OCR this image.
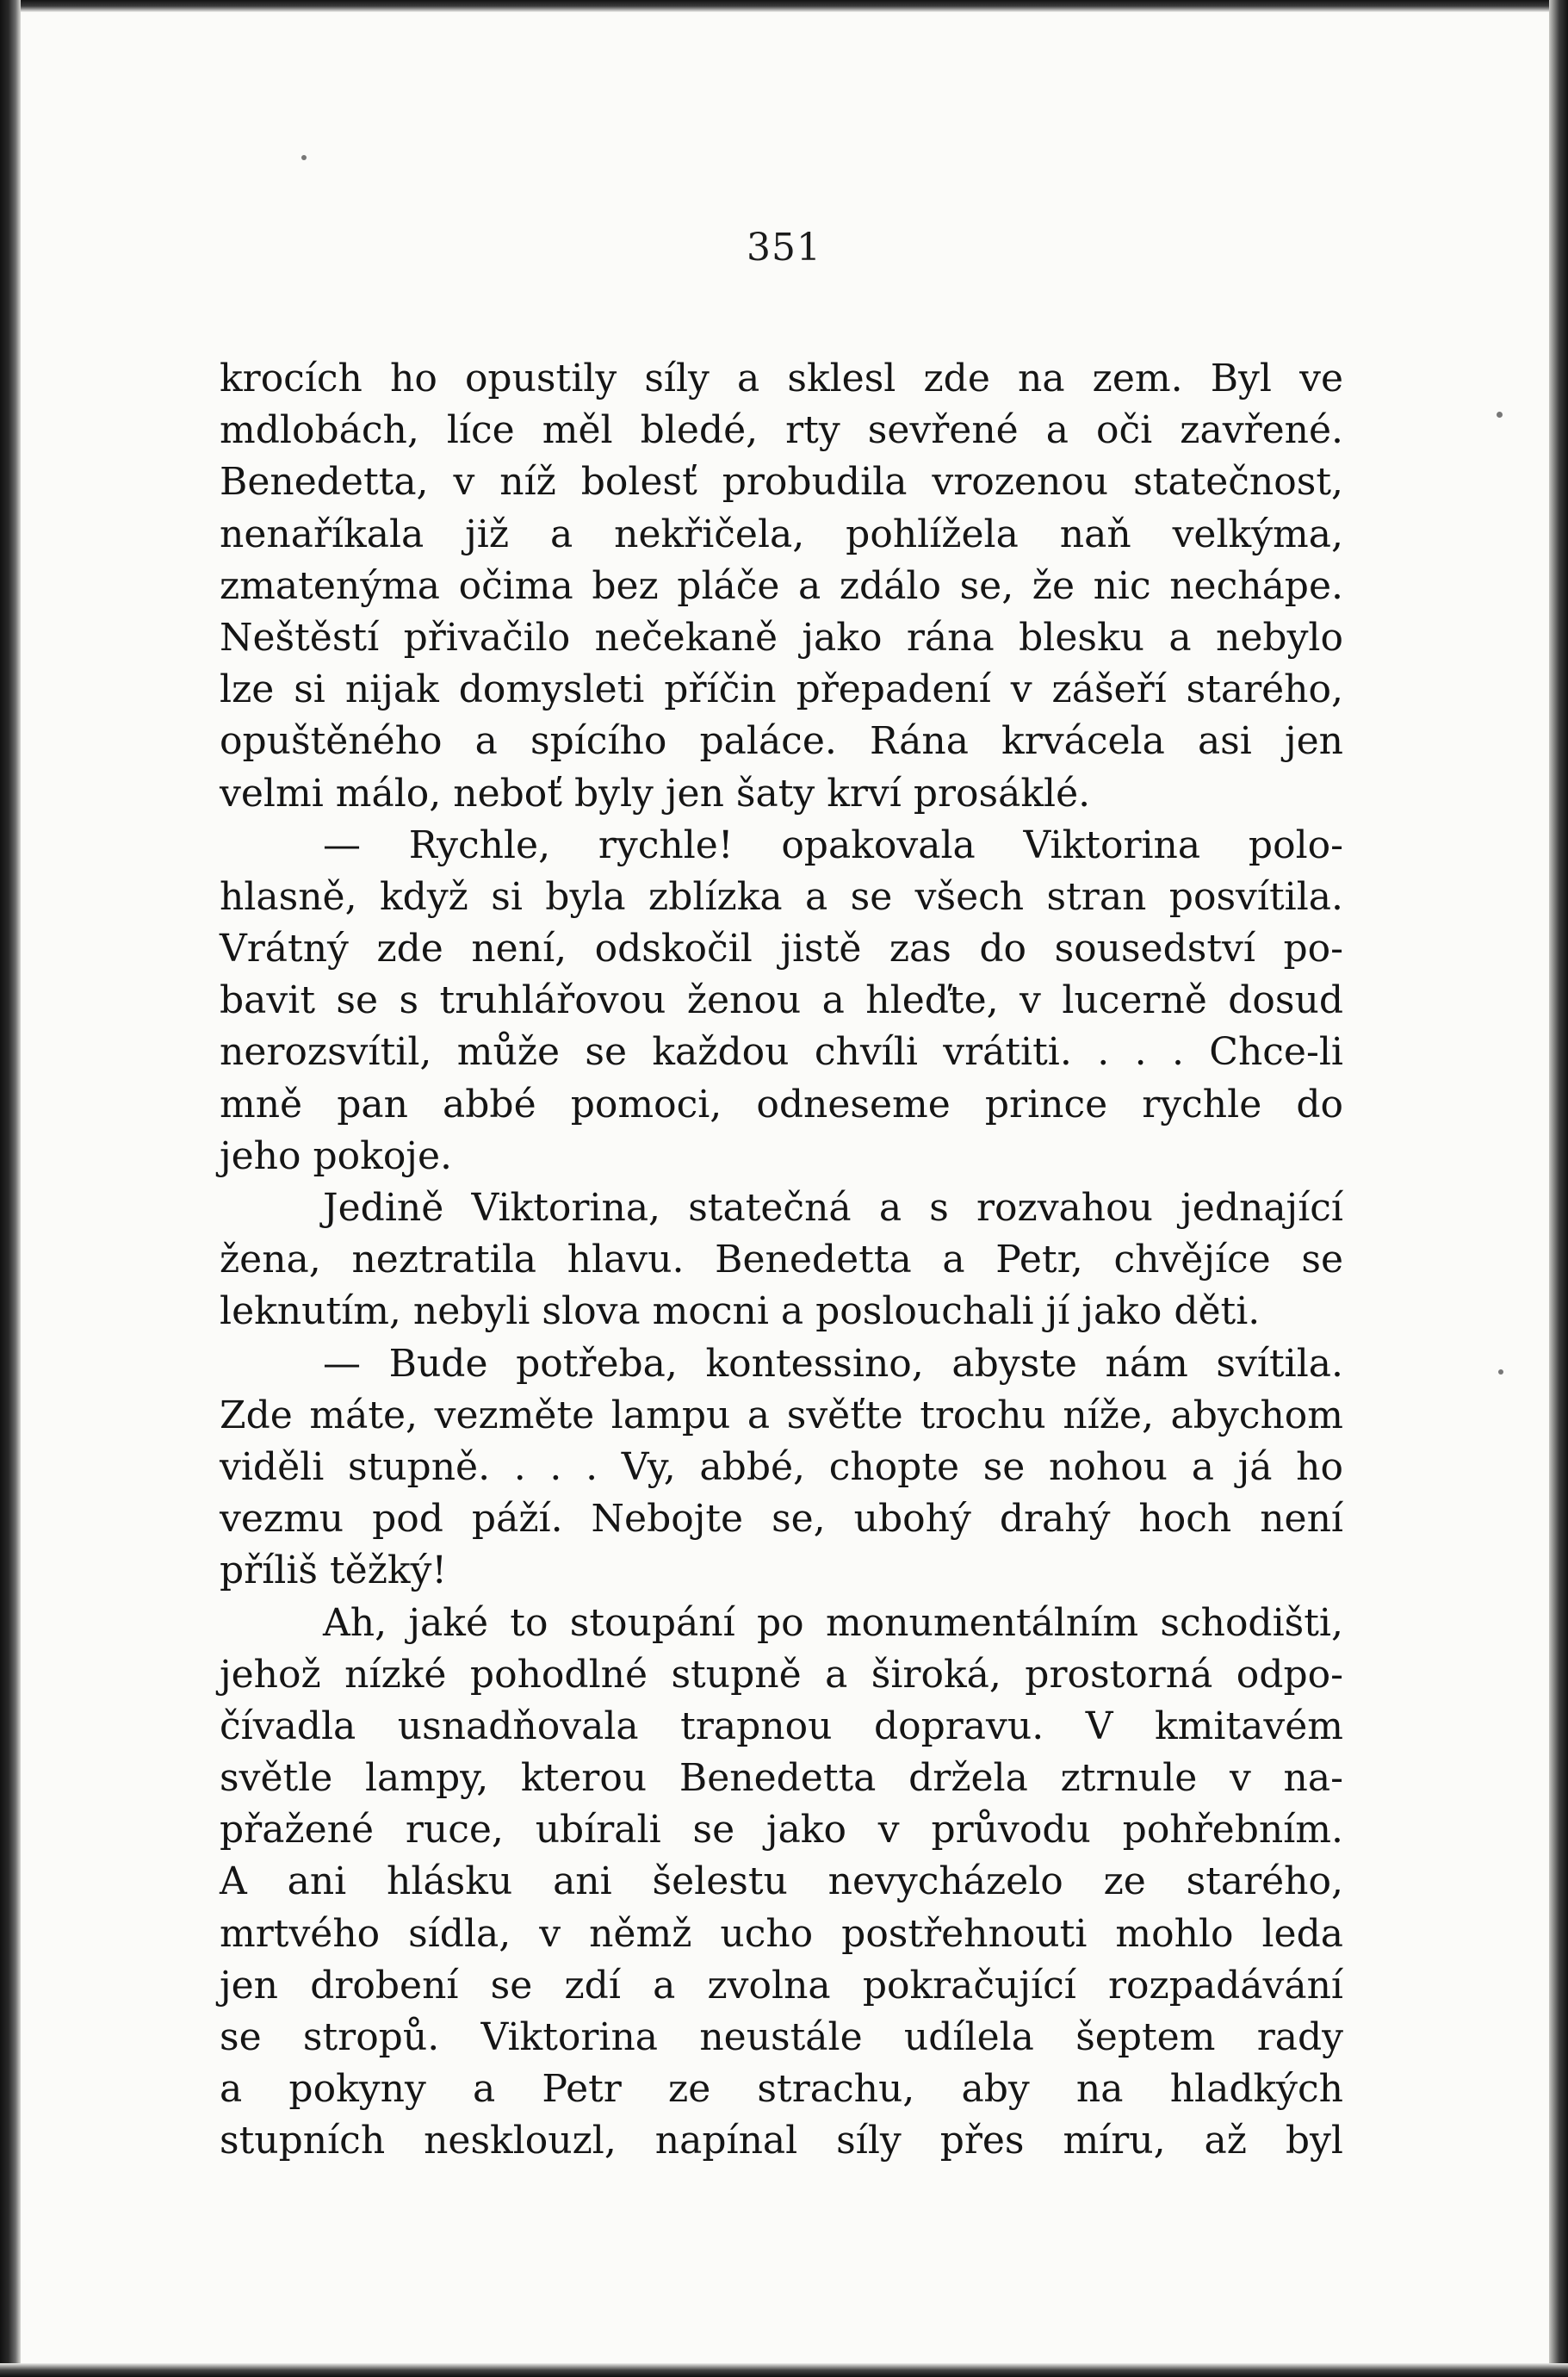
351
krocích ho opustily síly a sklesl zde na zem. Byl ve
mdlobách, líce měl bledé, rty sevřené a oči zavřené.
Benedetta, v níž bolesť probudila vrozenou statečnost,
nenaříkala již a nekřičela, pohlížela naň velkýma,
zmatenýma očima bez pláče a zdálo se, že nic nechápe.
Neštěstí přivačilo nečekaně jako rána blesku a nebylo
lze si nijak domysleti příčin přepadení v zášeří starého,
opuštěného a spícího paláce. Rána krvácela asi jen
velmi málo, neboť byly jen šaty krví prosáklé.
— Rychle, rychle! opakovala Viktorina polo-
hlasně, když si byla zblízka a se všech stran posvítila.
Vrátný zde není, odskočil jistě zas do sousedství po-
bavit se s truhlářovou ženou a hleďte, v lucerně dosud
nerozsvítil, může se každou chvíli vrátiti. . . . Chce-li
mně pan abbé pomoci, odneseme prince rychle do
jeho pokoje.
Jedině Viktorina, statečná a s rozvahou jednající
žena, neztratila hlavu. Benedetta a Petr, chvějíce se
leknutím, nebyli slova mocni a poslouchali jí jako děti.
— Bude potřeba, kontessino, abyste nám svítila.
Zde máte, vezměte lampu a svěťte trochu níže, abychom
viděli stupně. . . . Vy, abbé, chopte se nohou a já ho
vezmu pod páží. Nebojte se, ubohý drahý hoch není
příliš těžký!
Ah, jaké to stoupání po monumentálním schodišti,
jehož nízké pohodlné stupně a široká, prostorná odpo-
čívadla usnadňovala trapnou dopravu. V kmitavém
světle lampy, kterou Benedetta držela ztrnule v na-
přažené ruce, ubírali se jako v průvodu pohřebním.
A ani hlásku ani šelestu nevycházelo ze starého,
mrtvého sídla, v němž ucho postřehnouti mohlo leda
jen drobení se zdí a zvolna pokračující rozpadávání
se stropů. Viktorina neustále udílela šeptem rady
a pokyny a Petr ze strachu, aby na hladkých
stupních nesklouzl, napínal síly přes míru, až byl
